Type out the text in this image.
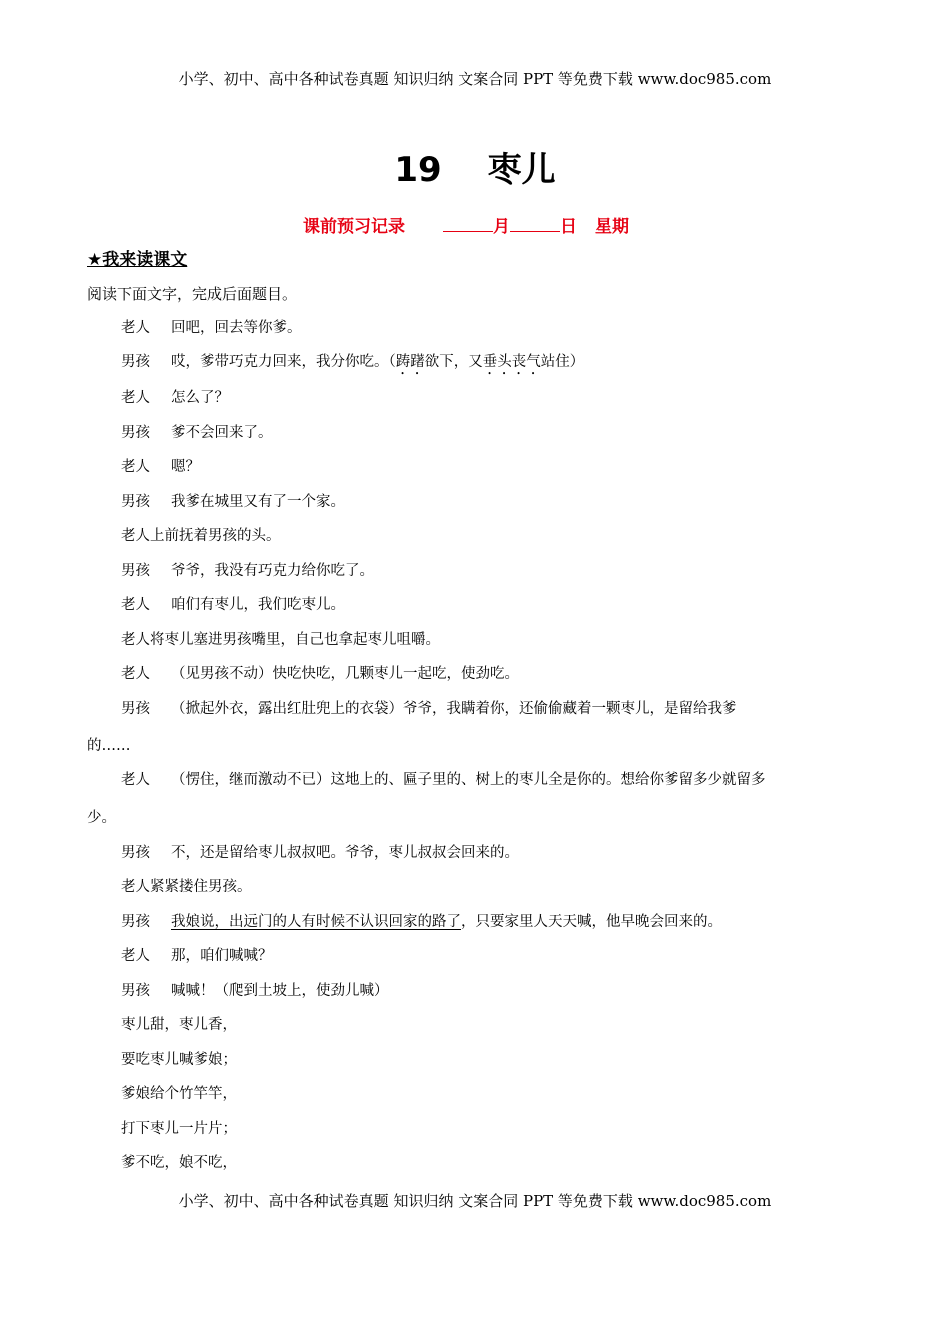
小学、初中、高中各种试卷真题 知识归纳 文案合同 PPT 等免费下载 www.doc985.com
19 枣儿
课前预习记录	月	日 星期
★我来读课文
阅读下面文字，完成后面题目。
老人 回吧，回去等你爹。
男孩 哎，爹带巧克力回来，我分你吃。（踌躇欲下，又垂头丧气站住）
老人 怎么了？
男孩 爹不会回来了。
老人 嗯？
男孩 我爹在城里又有了一个家。
老人上前抚着男孩的头。
男孩 爷爷，我没有巧克力给你吃了。
老人 咱们有枣儿，我们吃枣儿。
老人将枣儿塞进男孩嘴里，自己也拿起枣儿咀嚼。
老人 （见男孩不动）快吃快吃，几颗枣儿一起吃，使劲吃。
男孩 （掀起外衣，露出红肚兜上的衣袋）爷爷，我瞒着你，还偷偷藏着一颗枣儿，是留给我爹
的……
老人 （愣住，继而激动不已）这地上的、匾子里的、树上的枣儿全是你的。想给你爹留多少就留多
少。
男孩 不，还是留给枣儿叔叔吧。爷爷，枣儿叔叔会回来的。
老人紧紧搂住男孩。
男孩 我娘说，出远门的人有时候不认识回家的路了，只要家里人天天喊，他早晚会回来的。
老人 那，咱们喊喊？
男孩 喊喊！（爬到土坡上，使劲儿喊）
枣儿甜，枣儿香，
要吃枣儿喊爹娘；
爹娘给个竹竿竿，
打下枣儿一片片；
爹不吃，娘不吃，
小学、初中、高中各种试卷真题 知识归纳 文案合同 PPT 等免费下载 www.doc985.com
